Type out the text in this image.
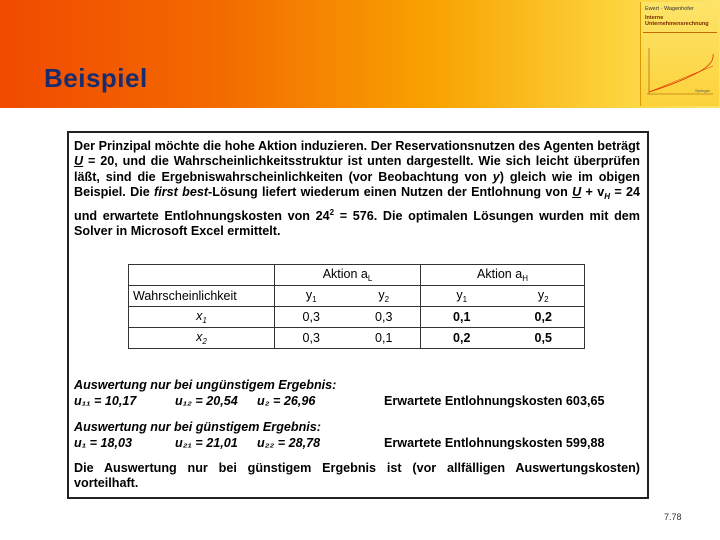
Beispiel
Ewert · Wagenhofer
Interne
Unternehmensrechnung
Springer
Der Prinzipal möchte die hohe Aktion induzieren. Der Reservationsnutzen des Agenten beträgt U = 20, und die Wahrscheinlichkeitsstruktur ist unten dargestellt. Wie sich leicht überprüfen läßt, sind die Ergebniswahrscheinlichkeiten (vor Beobachtung von y) gleich wie im obigen Beispiel. Die first best-Lösung liefert wiederum einen Nutzen der Entlohnung von $U + v_H = 24$ und erwartete Entlohnungskosten von $24^2 = 576$. Die optimalen Lösungen wurden mit dem Solver in Microsoft Excel ermittelt.
	Aktion $a_L$	Aktion $a_H$
Wahrscheinlichkeit	$y_1$ $y_2$	$y_1$ $y_2$

$x_1$	0,3 0,3	0,1 0,2

$x_2$	0,3 0,1	0,2 0,5
Auswertung nur bei ungünstigem Ergebnis:
u₁₁ = 10,17	u₁₂ = 20,54 u₂ = 26,96	Erwartete Entlohnungskosten 603,65
Auswertung nur bei günstigem Ergebnis:
u₁ = 18,03	u₂₁ = 21,01 u₂₂ = 28,78	Erwartete Entlohnungskosten 599,88
Die Auswertung nur bei günstigem Ergebnis ist (vor allfälligen Auswertungskosten) vorteilhaft.
7.78
